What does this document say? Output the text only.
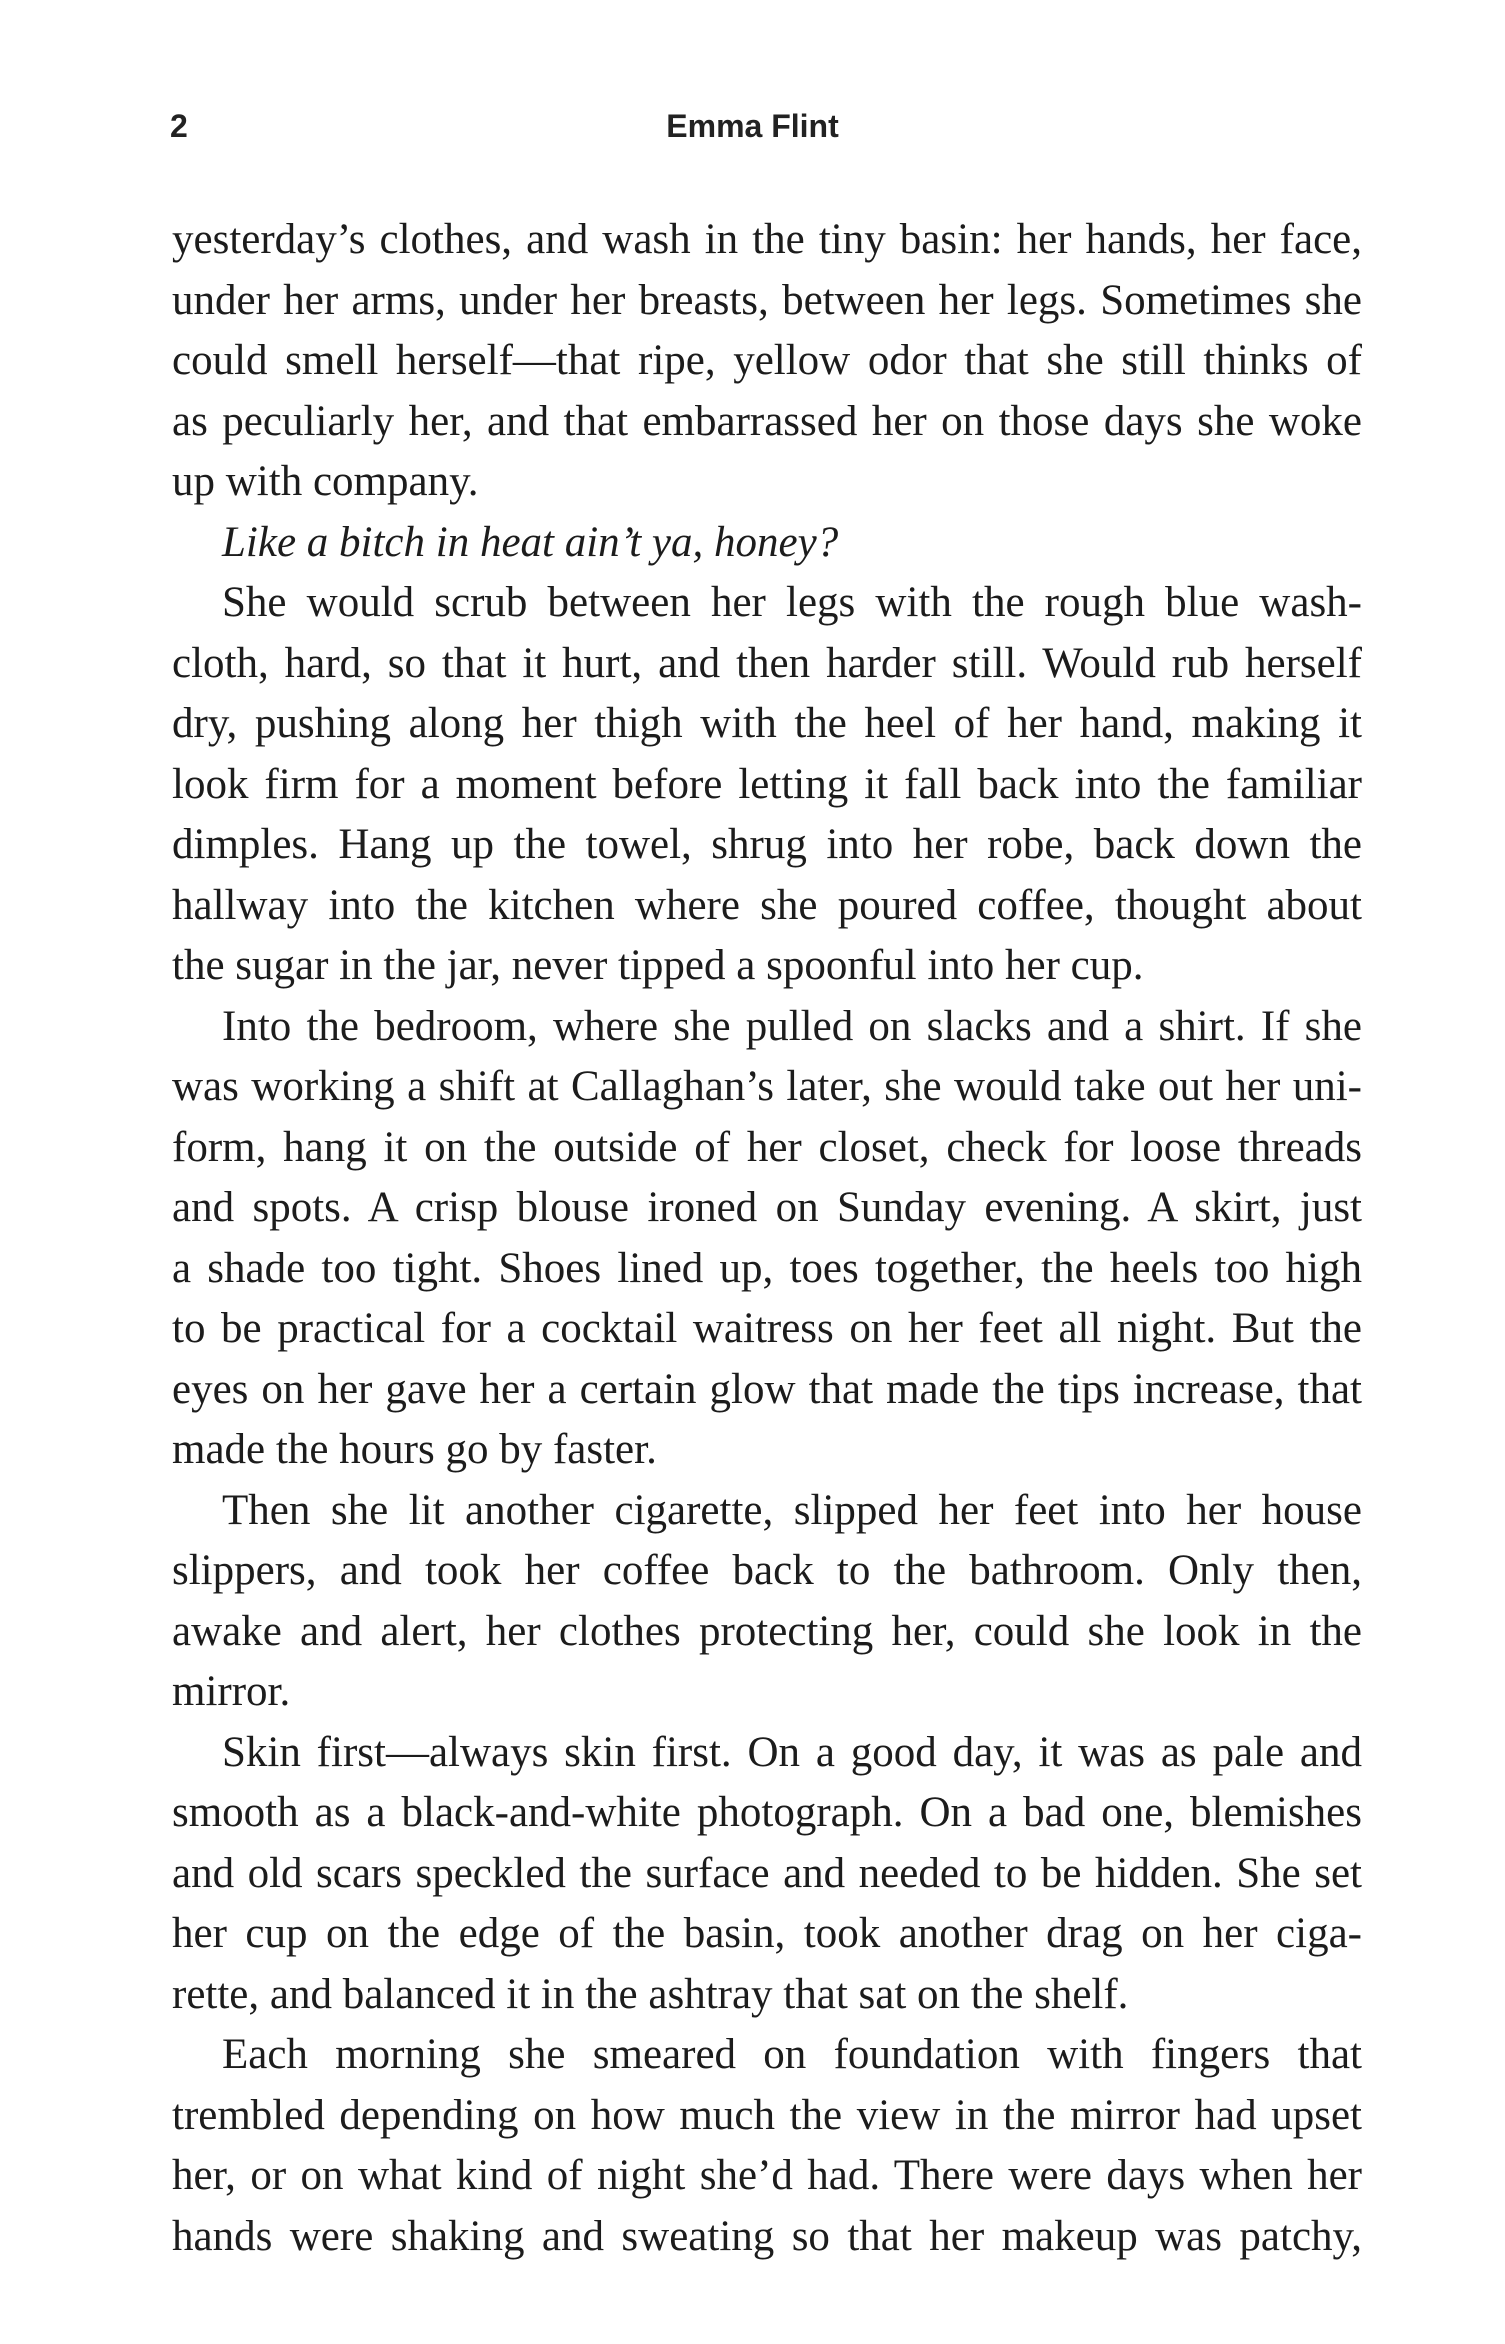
2	Emma Flint
yesterday’s clothes, and wash in the tiny basin: her hands, her face,
under her arms, under her breasts, between her legs. Sometimes she
could smell herself—that ripe, yellow odor that she still thinks of
as peculiarly her, and that embarrassed her on those days she woke
up with company.
Like a bitch in heat ain’t ya, honey?
She would scrub between her legs with the rough blue wash-
cloth, hard, so that it hurt, and then harder still. Would rub herself
dry, pushing along her thigh with the heel of her hand, making it
look firm for a moment before letting it fall back into the familiar
dimples. Hang up the towel, shrug into her robe, back down the
hallway into the kitchen where she poured coffee, thought about
the sugar in the jar, never tipped a spoonful into her cup.
Into the bedroom, where she pulled on slacks and a shirt. If she
was working a shift at Callaghan’s later, she would take out her uni-
form, hang it on the outside of her closet, check for loose threads
and spots. A crisp blouse ironed on Sunday evening. A skirt, just
a shade too tight. Shoes lined up, toes together, the heels too high
to be practical for a cocktail waitress on her feet all night. But the
eyes on her gave her a certain glow that made the tips increase, that
made the hours go by faster.
Then she lit another cigarette, slipped her feet into her house
slippers, and took her coffee back to the bathroom. Only then,
awake and alert, her clothes protecting her, could she look in the
mirror.
Skin first—always skin first. On a good day, it was as pale and
smooth as a black-and-white photograph. On a bad one, blemishes
and old scars speckled the surface and needed to be hidden. She set
her cup on the edge of the basin, took another drag on her ciga-
rette, and balanced it in the ashtray that sat on the shelf.
Each morning she smeared on foundation with fingers that
trembled depending on how much the view in the mirror had upset
her, or on what kind of night she’d had. There were days when her
hands were shaking and sweating so that her makeup was patchy,
